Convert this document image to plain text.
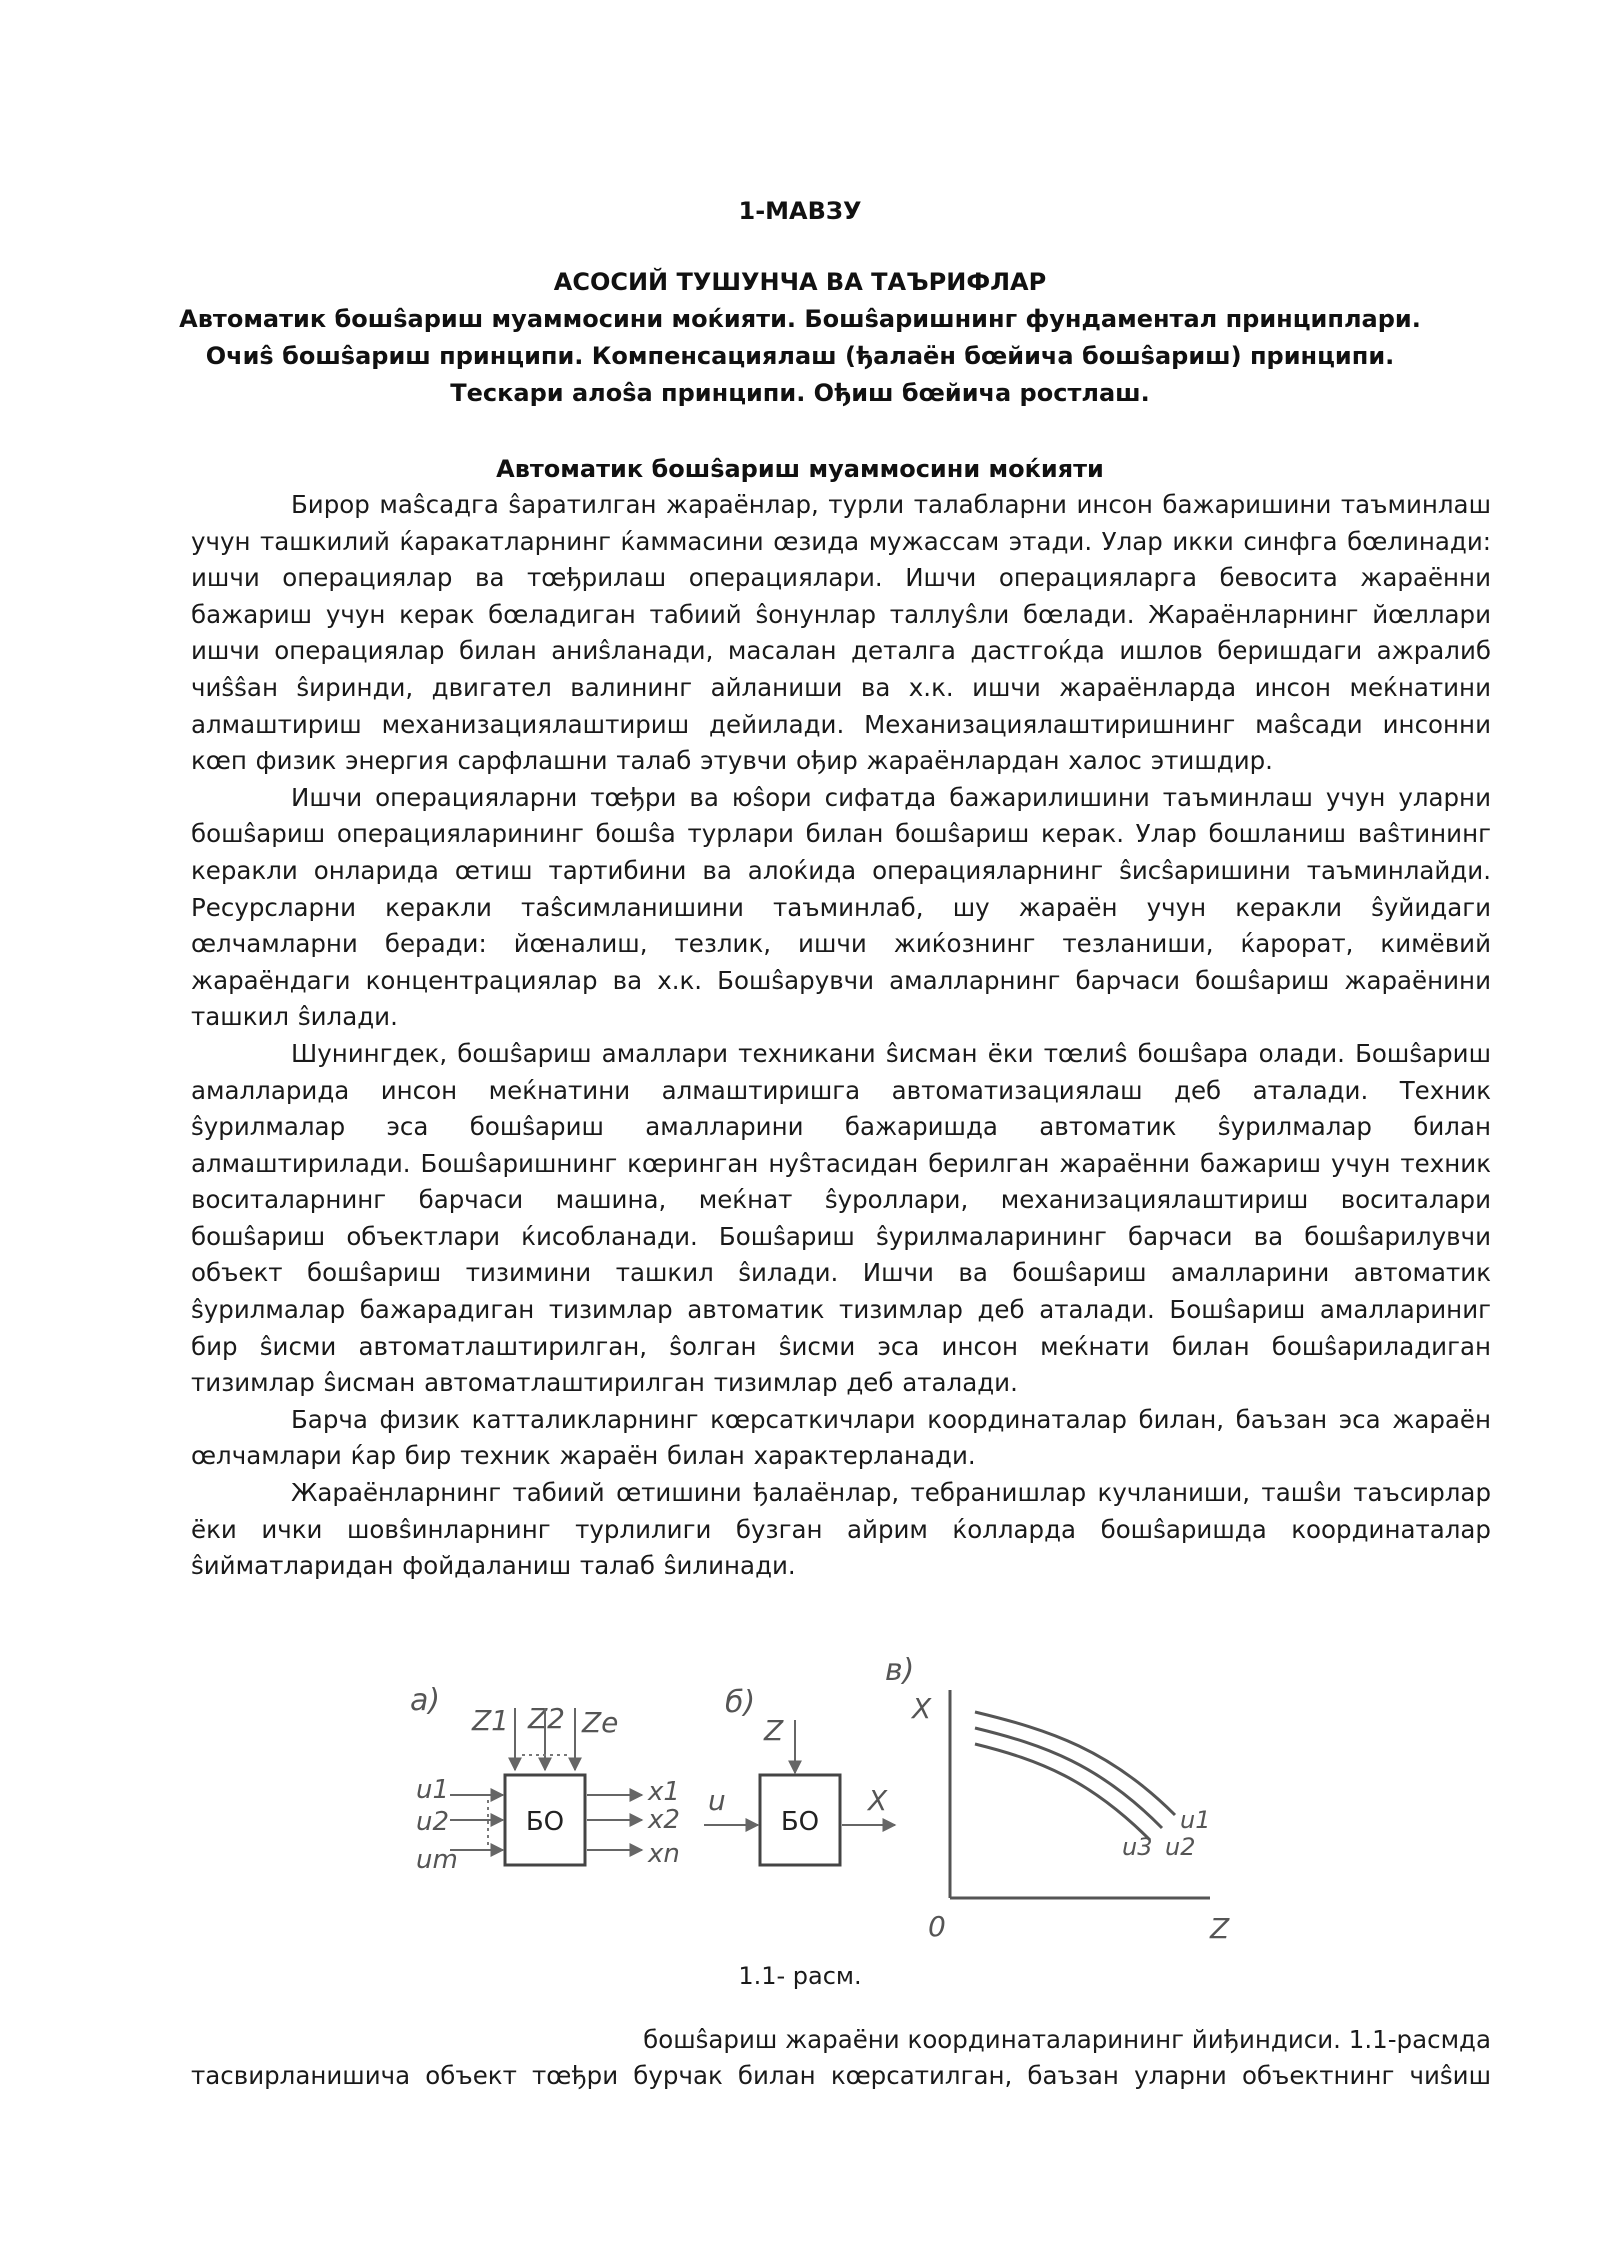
1-МАВЗУ
АСОСИЙ ТУШУНЧА ВА ТАЪРИФЛАР
Автоматик бошŝариш муаммосини моќияти. Бошŝаришнинг фундаментал принциплари.
Очиŝ бошŝариш принципи. Компенсациялаш (ђалаён бœйича бошŝариш) принципи.
Тескари алоŝа принципи. Ођиш бœйича ростлаш.
Автоматик бошŝариш муаммосини моќияти

Бирор маŝсадга ŝаратилган жараёнлар, турли талабларни инсон бажаришини таъминлаш учун ташкилий ќаракатларнинг ќаммасини œзида мужассам этади. Улар икки синфга бœлинади: ишчи операциялар ва тœђрилаш операциялари. Ишчи операцияларга бевосита жараённи бажариш учун керак бœладиган табиий ŝонунлар таллуŝли бœлади. Жараёнларнинг йœллари ишчи операциялар билан аниŝланади, масалан деталга дастгоќда ишлов беришдаги ажралиб чиŝŝан ŝиринди, двигател валининг айланиши ва х.к. ишчи жараёнларда инсон меќнатини алмаштириш механизациялаштириш дейилади. Механизациялаштиришнинг маŝсади инсонни кœп физик энергия сарфлашни талаб этувчи ођир жараёнлардан халос этишдир.

Ишчи операцияларни тœђри ва юŝори сифатда бажарилишини таъминлаш учун уларни бошŝариш операцияларининг бошŝа турлари билан бошŝариш керак. Улар бошланиш ваŝтининг керакли онларида œтиш тартибини ва алоќида операцияларнинг ŝисŝаришини таъминлайди. Ресурсларни керакли таŝсимланишини таъминлаб, шу жараён учун керакли ŝуйидаги œлчамларни беради: йœналиш, тезлик, ишчи жиќознинг тезланиши, ќарорат, кимёвий жараёндаги концентрациялар ва х.к. Бошŝарувчи амалларнинг барчаси бошŝариш жараёнини ташкил ŝилади.

Шунингдек, бошŝариш амаллари техникани ŝисман ёки тœлиŝ бошŝара олади. Бошŝариш амалларида инсон меќнатини алмаштиришга автоматизациялаш деб аталади. Техник ŝурилмалар эса бошŝариш амалларини бажаришда автоматик ŝурилмалар билан алмаштирилади. Бошŝаришнинг кœринган нуŝтасидан берилган жараённи бажариш учун техник воситаларнинг барчаси машина, меќнат ŝуроллари, механизациялаштириш воситалари бошŝариш объектлари ќисобланади. Бошŝариш ŝурилмаларининг барчаси ва бошŝарилувчи объект бошŝариш тизимини ташкил ŝилади. Ишчи ва бошŝариш амалларини автоматик ŝурилмалар бажарадиган тизимлар автоматик тизимлар деб аталади. Бошŝариш амаллариниг бир ŝисми автоматлаштирилган, ŝолган ŝисми эса инсон меќнати билан бошŝариладиган тизимлар ŝисман автоматлаштирилган тизимлар деб аталади.

Барча физик катталикларнинг кœрсаткичлари координаталар билан, баъзан эса жараён œлчамлари ќар бир техник жараён билан характерланади.

Жараёнларнинг табиий œтишини ђалаёнлар, тебранишлар кучланиши, ташŝи таъсирлар ёки ички шовŝинларнинг турлилиги бузган айрим ќолларда бошŝаришда координаталар ŝийматларидан фойдаланиш талаб ŝилинади.

а)
Z1 Z2 Zе
БО
u1
u2
um
x1
x2
xn
б)
Z
u
БО
X
в)
X
0	Z
u1
u2
u3
1.1- расм.
бошŝариш жараёни координаталарининг йиђиндиси. 1.1-расмда
тасвирланишича объект тœђри бурчак билан кœрсатилган, баъзан уларни объектнинг чиŝиш
